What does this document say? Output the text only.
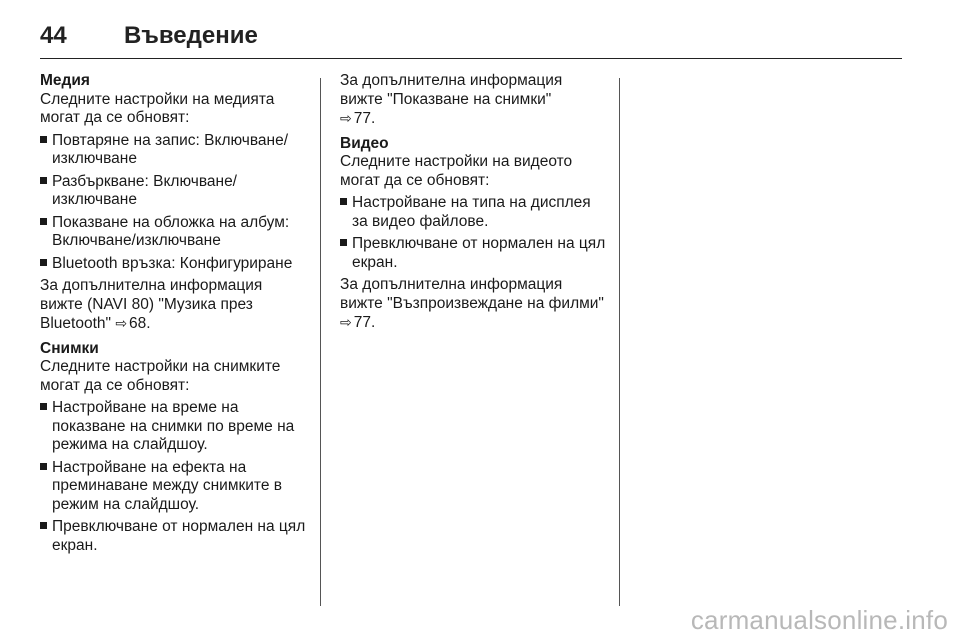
44 Въведение

Медия

Следните настройки на медията могат да се обновят:

Повтаряне на запис: Включване/ изключване
Разбъркване: Включване/ изключване
Показване на обложка на албум: Включване/изключване
Bluetooth връзка: Конфигуриране

За допълнителна информация вижте (NAVI 80) "Музика през Bluetooth" ⇨ 68.

Снимки

Следните настройки на снимките могат да се обновят:

Настройване на време на показване на снимки по време на режима на слайдшоу.
Настройване на ефекта на преминаване между снимките в режим на слайдшоу.
Превключване от нормален на цял екран.

За допълнителна информация вижте "Показване на снимки"
⇨ 77.

Видео

Следните настройки на видеото могат да се обновят:

Настройване на типа на дисплея за видео файлове.
Превключване от нормален на цял екран.

За допълнителна информация вижте "Възпроизвеждане на филми" ⇨ 77.

carmanualsonline.info
